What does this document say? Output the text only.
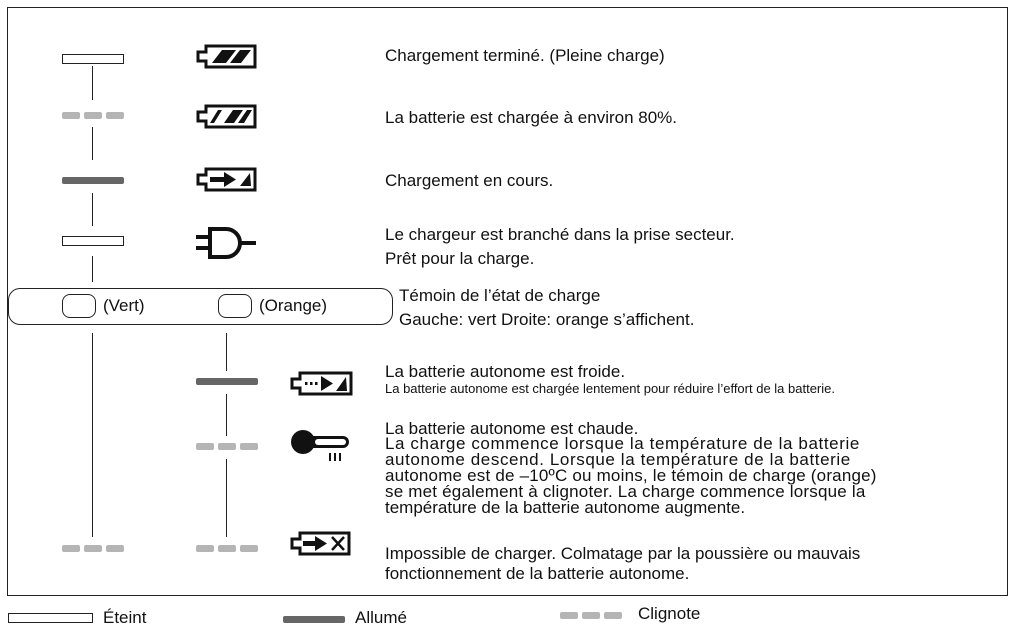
Chargement terminé. (Pleine charge)
La batterie est chargée à environ 80%.
Chargement en cours.
Le chargeur est branché dans la prise secteur.
Prêt pour la charge.
(Vert)	(Orange)
Témoin de l’état de charge
Gauche: vert Droite: orange s’affichent.
La batterie autonome est froide.
La batterie autonome est chargée lentement pour réduire l’effort de la batterie.
La batterie autonome est chaude.
La charge commence lorsque la température de la batterie
autonome descend. Lorsque la température de la batterie
autonome est de –10ºC ou moins, le témoin de charge (orange)
se met également à clignoter. La charge commence lorsque la
température de la batterie autonome augmente.
Impossible de charger. Colmatage par la poussière ou mauvais
fonctionnement de la batterie autonome.
Éteint	Allumé	Clignote
